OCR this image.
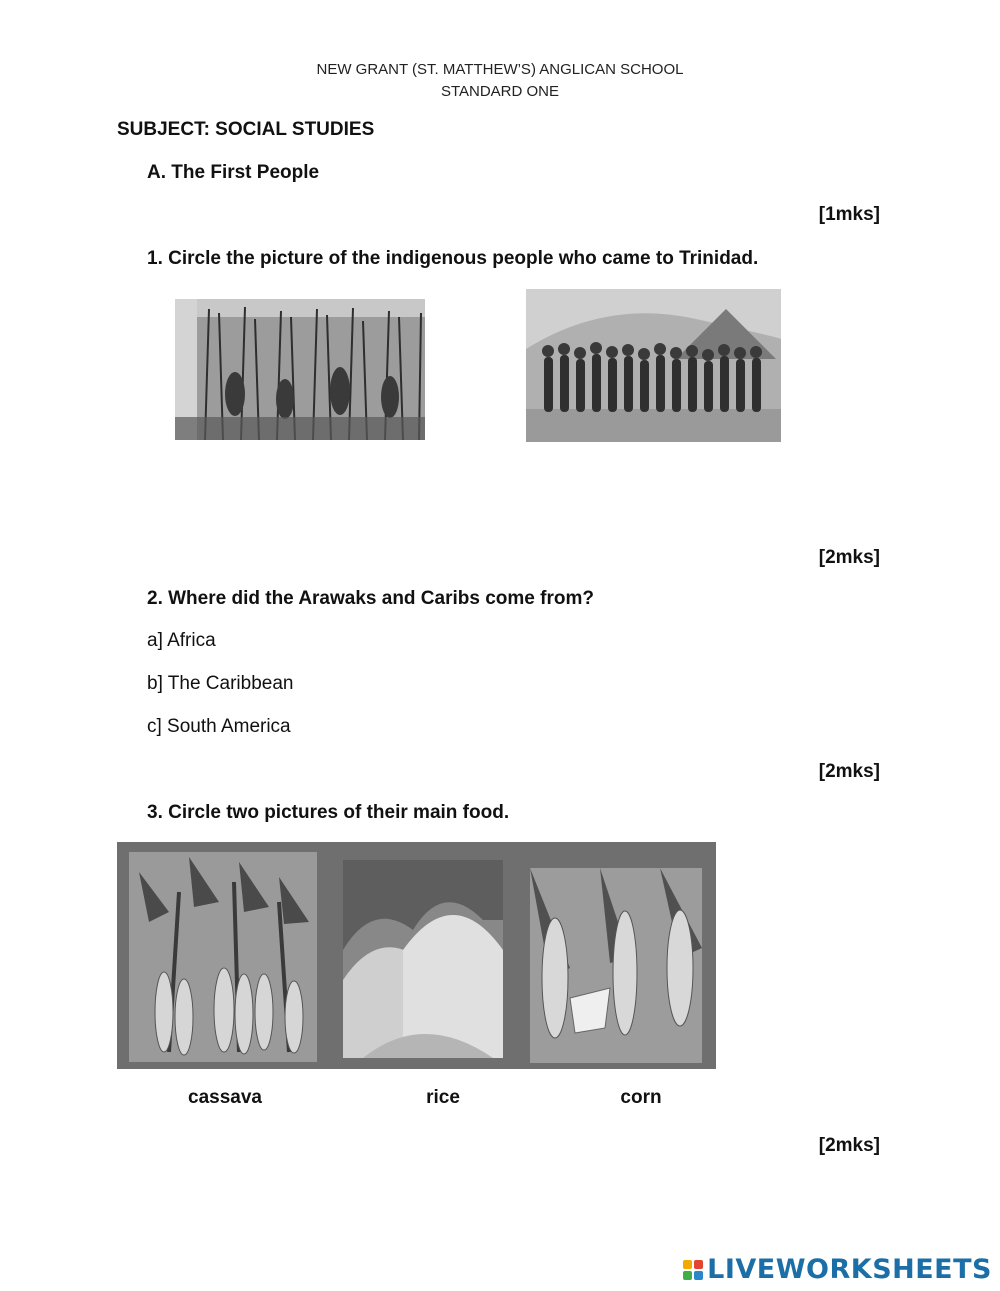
NEW GRANT (ST. MATTHEW’S) ANGLICAN SCHOOL
STANDARD ONE
SUBJECT: SOCIAL STUDIES
A. The First People
[1mks]
1. Circle the picture of the indigenous people who came to Trinidad.
[2mks]
2. Where did the Arawaks and Caribs come from?
a] Africa
b] The Caribbean
c] South America
[2mks]
3. Circle two pictures of their main food.
cassava	rice	corn
[2mks]
LIVEWORKSHEETS
